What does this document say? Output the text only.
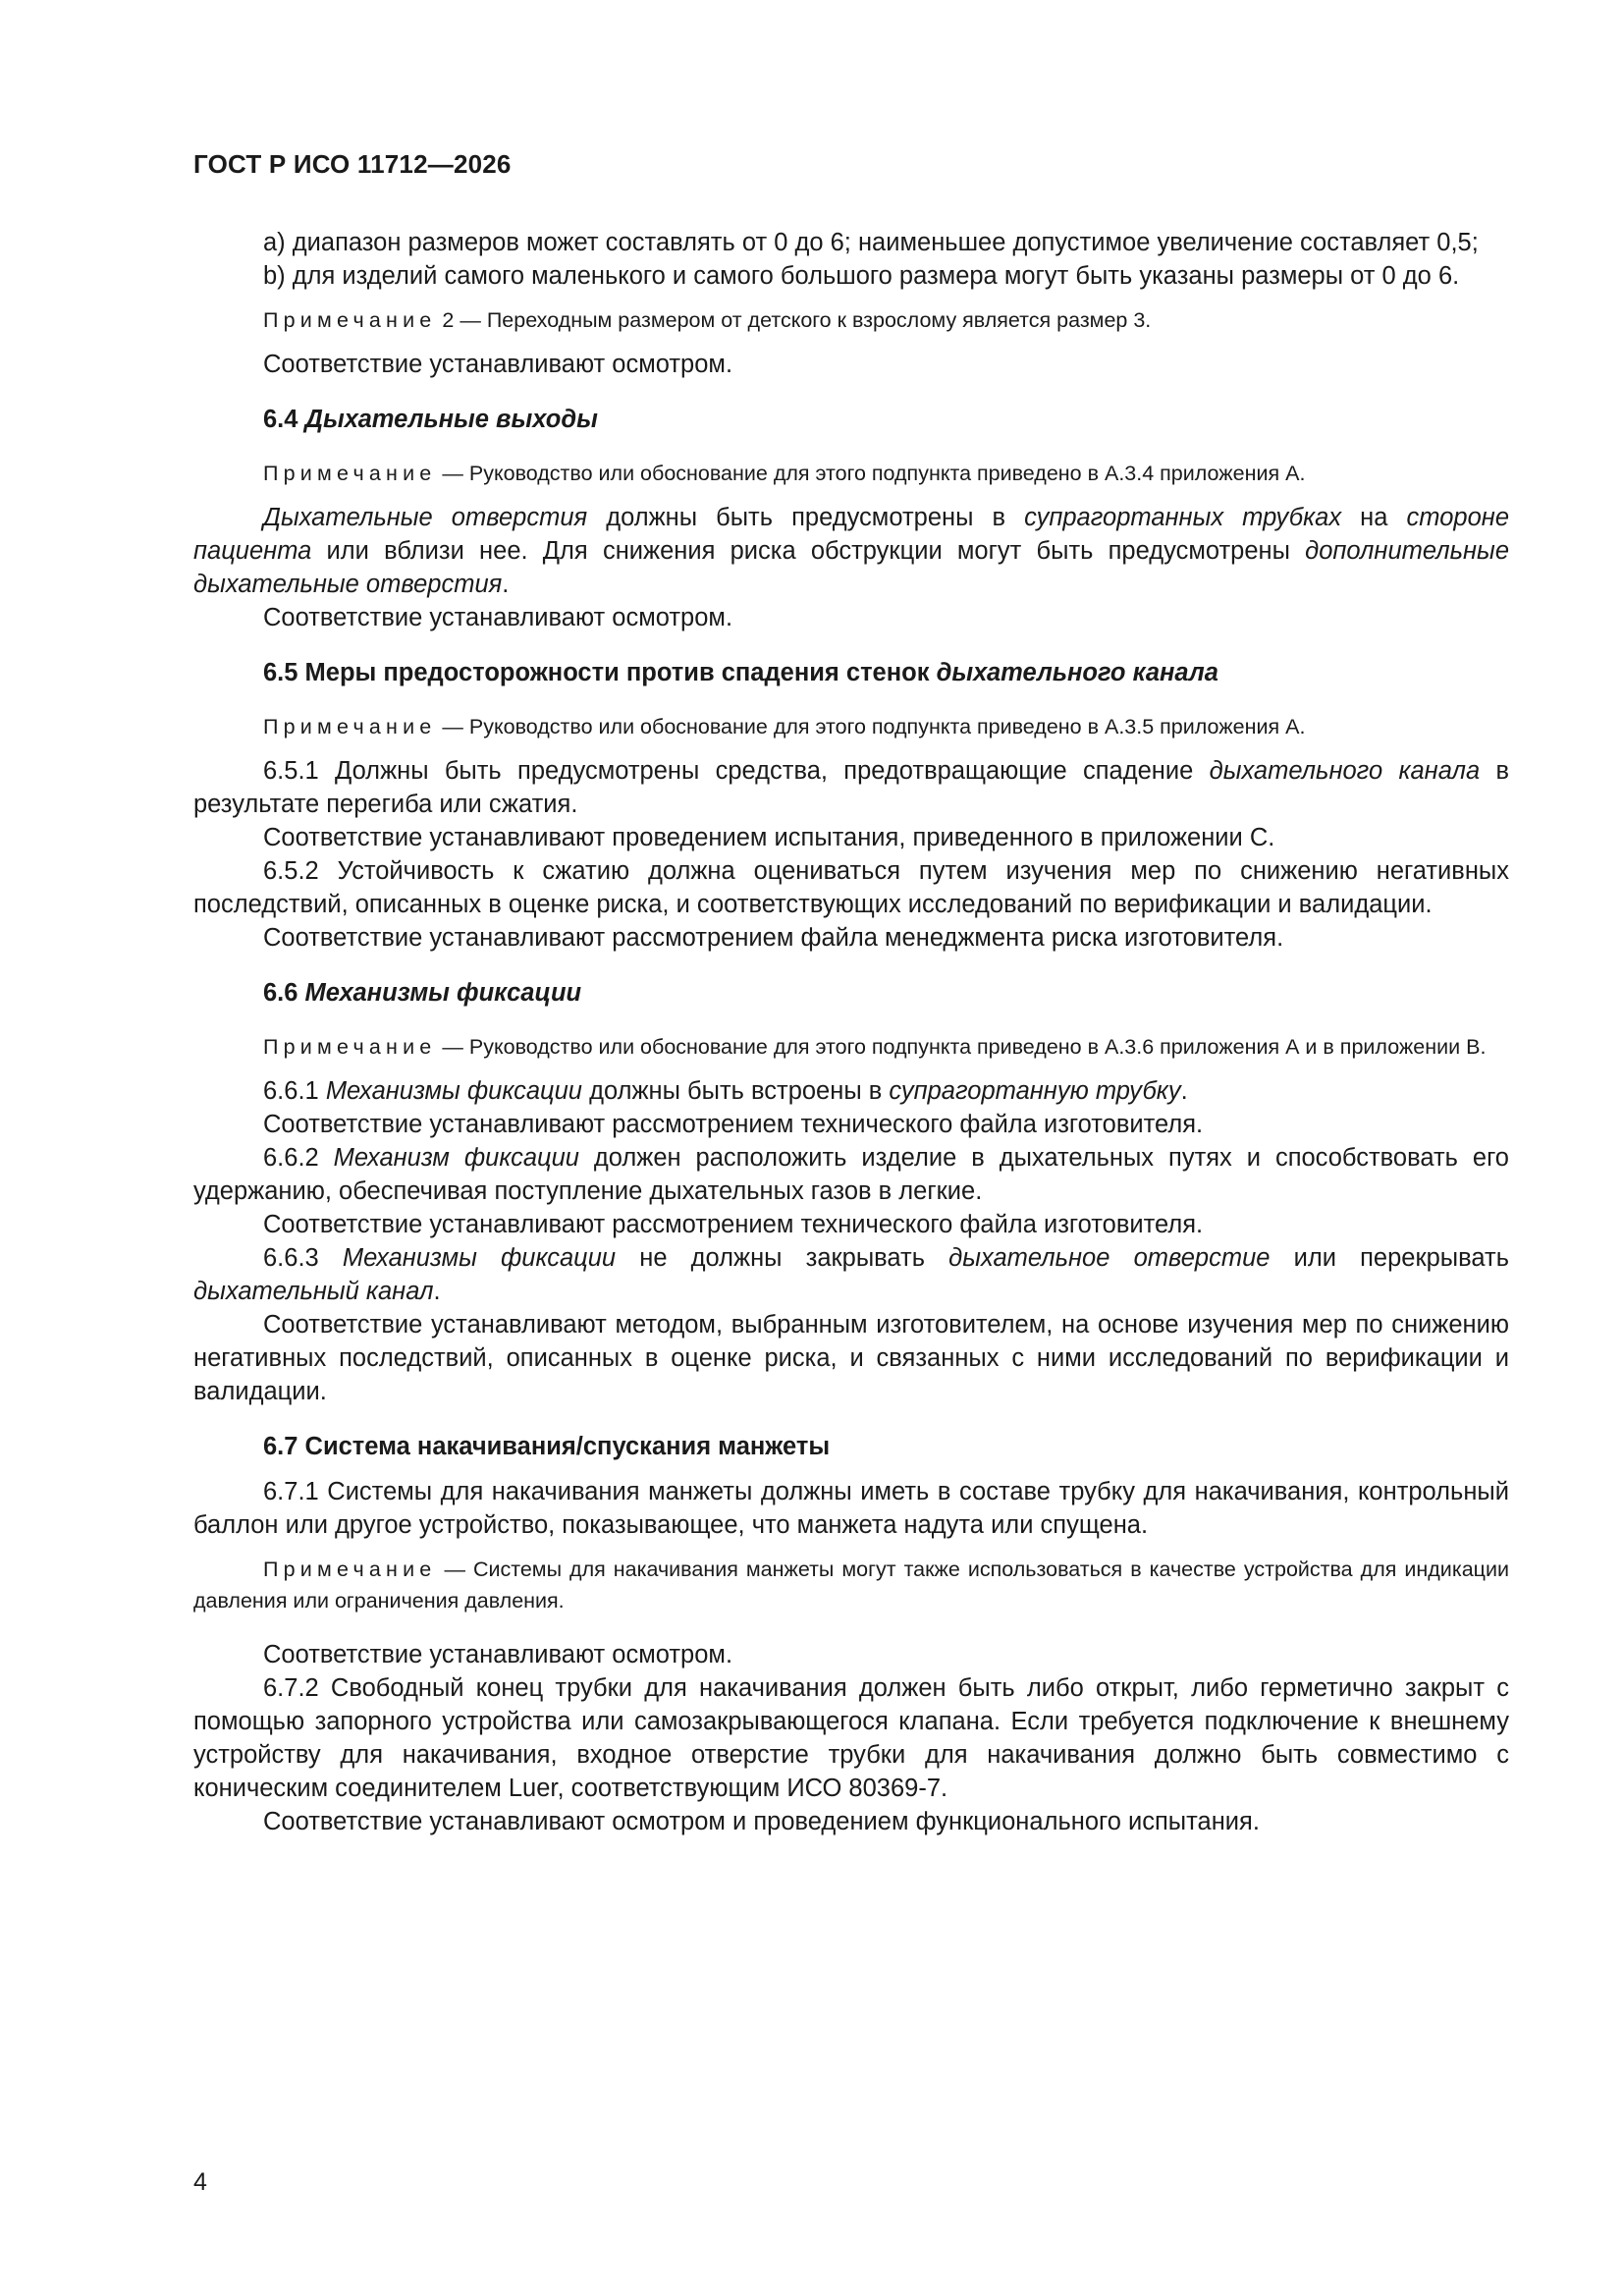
ГОСТ Р ИСО 11712—2026

а) диапазон размеров может составлять от 0 до 6; наименьшее допустимое увеличение составляет 0,5;

b) для изделий самого маленького и самого большого размера могут быть указаны размеры от 0 до 6.

Примечание 2 — Переходным размером от детского к взрослому является размер 3.

Соответствие устанавливают осмотром.

6.4 Дыхательные выходы

Примечание — Руководство или обоснование для этого подпункта приведено в А.3.4 приложения А.

Дыхательные отверстия должны быть предусмотрены в супрагортанных трубках на стороне пациента или вблизи нее. Для снижения риска обструкции могут быть предусмотрены дополнительные дыхательные отверстия.

Соответствие устанавливают осмотром.

6.5 Меры предосторожности против спадения стенок дыхательного канала

Примечание — Руководство или обоснование для этого подпункта приведено в А.3.5 приложения А.

6.5.1 Должны быть предусмотрены средства, предотвращающие спадение дыхательного канала в результате перегиба или сжатия.

Соответствие устанавливают проведением испытания, приведенного в приложении С.

6.5.2 Устойчивость к сжатию должна оцениваться путем изучения мер по снижению негативных последствий, описанных в оценке риска, и соответствующих исследований по верификации и валидации.

Соответствие устанавливают рассмотрением файла менеджмента риска изготовителя.

6.6 Механизмы фиксации

Примечание — Руководство или обоснование для этого подпункта приведено в А.3.6 приложения А и в приложении В.

6.6.1 Механизмы фиксации должны быть встроены в супрагортанную трубку.

Соответствие устанавливают рассмотрением технического файла изготовителя.

6.6.2 Механизм фиксации должен расположить изделие в дыхательных путях и способствовать его удержанию, обеспечивая поступление дыхательных газов в легкие.

Соответствие устанавливают рассмотрением технического файла изготовителя.

6.6.3 Механизмы фиксации не должны закрывать дыхательное отверстие или перекрывать дыхательный канал.

Соответствие устанавливают методом, выбранным изготовителем, на основе изучения мер по снижению негативных последствий, описанных в оценке риска, и связанных с ними исследований по верификации и валидации.

6.7 Система накачивания/спускания манжеты

6.7.1 Системы для накачивания манжеты должны иметь в составе трубку для накачивания, контрольный баллон или другое устройство, показывающее, что манжета надута или спущена.

Примечание — Системы для накачивания манжеты могут также использоваться в качестве устройства для индикации давления или ограничения давления.

Соответствие устанавливают осмотром.

6.7.2 Свободный конец трубки для накачивания должен быть либо открыт, либо герметично закрыт с помощью запорного устройства или самозакрывающегося клапана. Если требуется подключение к внешнему устройству для накачивания, входное отверстие трубки для накачивания должно быть совместимо с коническим соединителем Luer, соответствующим ИСО 80369-7.

Соответствие устанавливают осмотром и проведением функционального испытания.

4
